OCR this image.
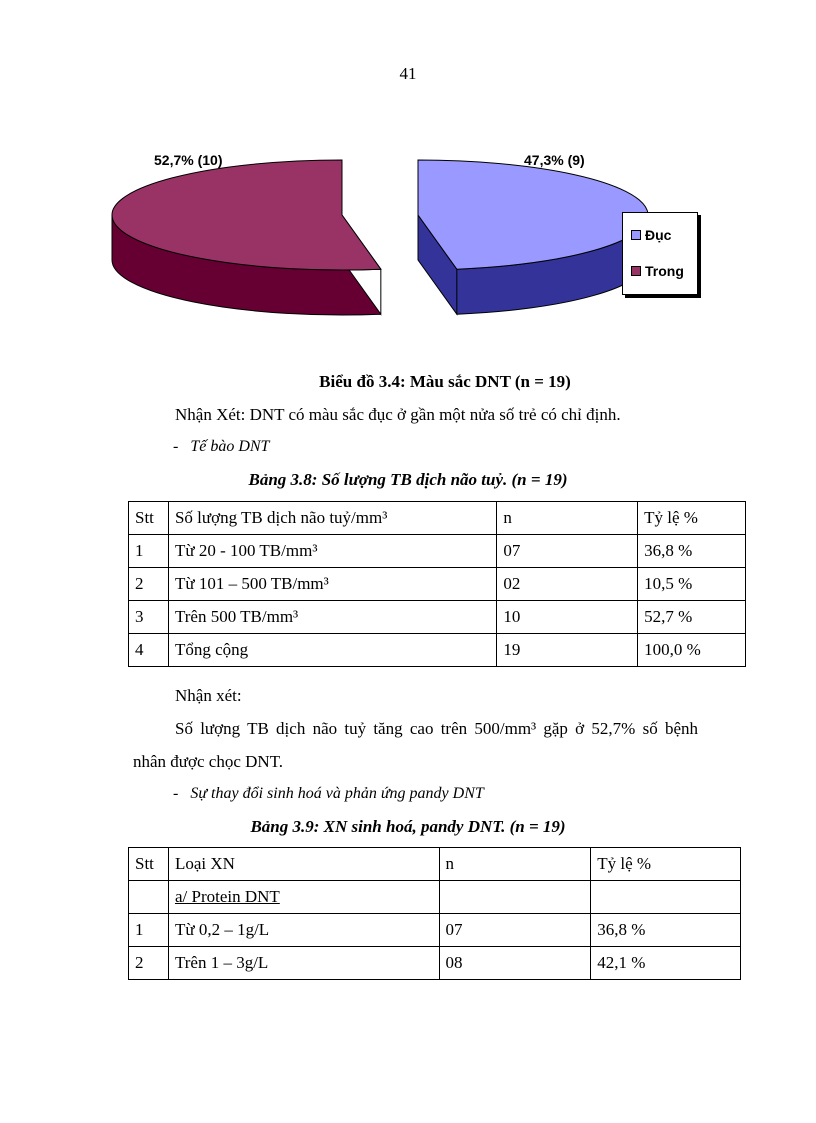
41
52,7% (10)	47,3% (9)
Đục
Trong
Biểu đồ 3.4: Màu sắc DNT (n = 19)
Nhận Xét: DNT có màu sắc đục ở gần một nửa số trẻ có chỉ định.
- Tế bào DNT
Bảng 3.8: Số lượng TB dịch não tuỷ. (n = 19)
Stt	Số lượng TB dịch não tuỷ/mm³	n	Tỷ lệ %
1	Từ 20 - 100 TB/mm³	07	36,8 %
2	Từ 101 – 500 TB/mm³	02	10,5 %
3	Trên 500 TB/mm³	10	52,7 %
4	Tổng cộng	19	100,0 %
Nhận xét:
Số lượng TB dịch não tuỷ tăng cao trên 500/mm³ gặp ở 52,7% số bệnh
nhân được chọc DNT.
- Sự thay đổi sinh hoá và phản ứng pandy DNT
Bảng 3.9: XN sinh hoá, pandy DNT. (n = 19)
Stt	Loại XN	n	Tỷ lệ %
	a/ Protein DNT		
1	Từ 0,2 – 1g/L	07	36,8 %
2	Trên 1 – 3g/L	08	42,1 %
